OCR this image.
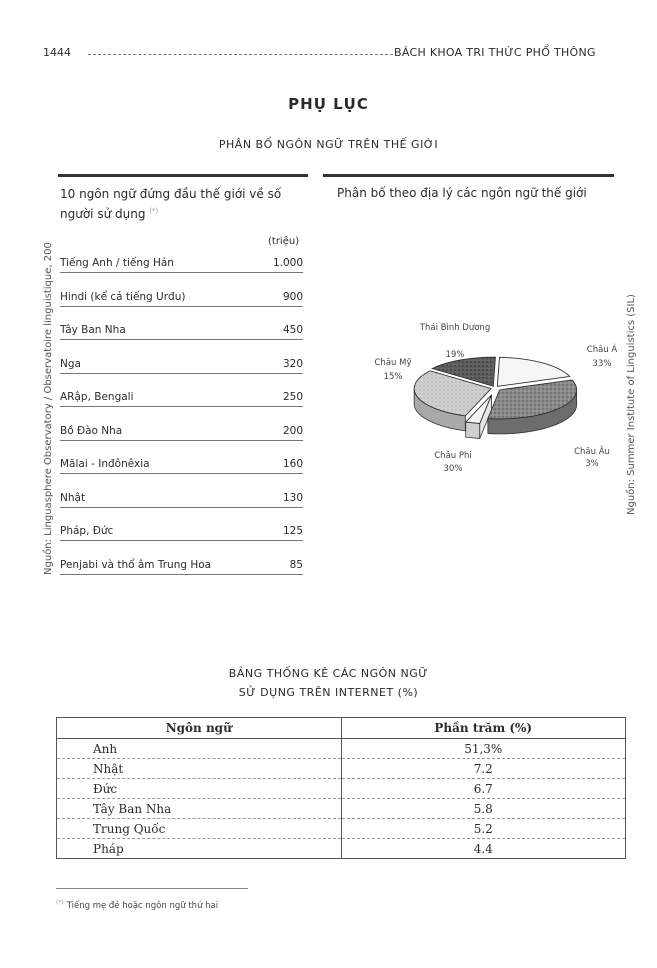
1444	BÁCH KHOA TRI THỨC PHỔ THÔNG
PHỤ LỤC
PHÂN BỐ NGÔN NGỮ TRÊN THẾ GIỚI
10 ngôn ngữ đứng đầu thế giới về số người sử dụng (*)
(triệu)
Tiếng Anh / tiếng Hán	1.000
Hindi (kể cả tiếng Urđu)	900
Tây Ban Nha	450
Nga	320
ARập, Bengali	250
Bồ Đào Nha	200
Mãlai - Inđônêxia	160
Nhật	130
Pháp, Đức	125
Penjabi và thổ âm Trung Hoa	85
Nguồn: Linguasphere Observatory / Observatoire linguistique, 200
Phân bố theo địa lý các ngôn ngữ thế giới
Thái Bình Dương
19%	Châu Á
33%
Châu Âu
3%
Châu Phi
30%
Châu Mỹ
15%	Nguồn: Summer Institute of Linguistics (SIL)
BẢNG THỐNG KÊ CÁC NGÔN NGỮ
SỬ DỤNG TRÊN INTERNET (%)
Ngôn ngữ	Phần trăm (%)
Anh	51,3%
Nhật	7.2
Đức	6.7
Tây Ban Nha	5.8
Trung Quốc	5.2
Pháp	4.4
(*) Tiếng mẹ đẻ hoặc ngôn ngữ thứ hai
